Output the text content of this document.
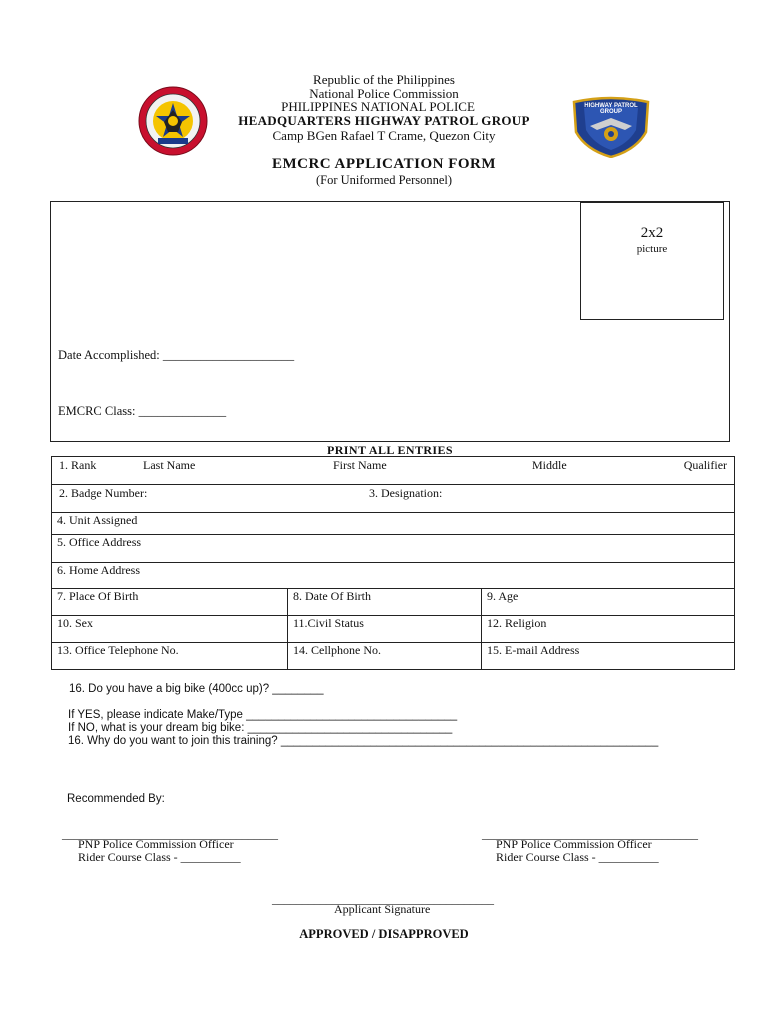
HIGHWAY PATROL GROUP
Republic of the Philippines
National Police Commission
PHILIPPINES NATIONAL POLICE
HEADQUARTERS HIGHWAY PATROL GROUP
Camp BGen Rafael T Crame, Quezon City
EMCRC APPLICATION FORM
(For Uniformed Personnel)
2x2
picture
Date Accomplished: _____________________
EMCRC Class: ______________
PRINT ALL ENTRIES
1. Rank Last Name First Name Middle Qualifier		

2. Badge Number: 3. Designation:		

4. Unit Assigned		
5. Office Address		
6. Home Address		
7. Place Of Birth	8. Date Of Birth	9. Age
10. Sex	11.Civil Status	12. Religion
13. Office Telephone No.	14. Cellphone No.	15. E-mail Address
16. Do you have a big bike (400cc up)? ________
If YES, please indicate Make/Type _________________________________
If NO, what is your dream big bike: ________________________________
16. Why do you want to join this training? ___________________________________________________________
Recommended By:
____________________________________
PNP Police Commission Officer
Rider Course Class - __________
____________________________________
PNP Police Commission Officer
Rider Course Class - __________
_____________________________________
Applicant Signature
APPROVED / DISAPPROVED
